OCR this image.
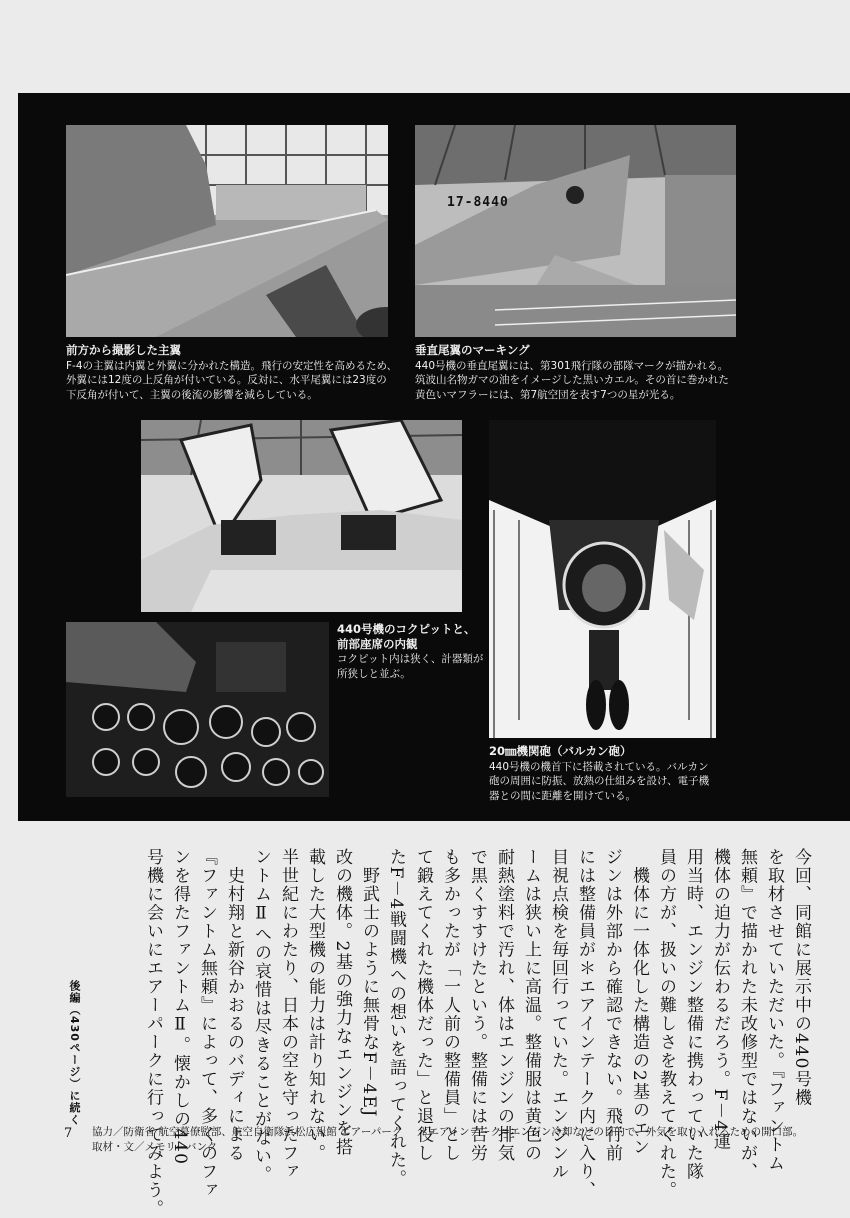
前方から撮影した主翼
F-4の主翼は内翼と外翼に分かれた構造。飛行の安定性を高めるため、
外翼には12度の上反角が付いている。反対に、水平尾翼には23度の
下反角が付いて、主翼の後流の影響を減らしている。
17-8440
垂直尾翼のマーキング
440号機の垂直尾翼には、第301飛行隊の部隊マークが描かれる。
筑波山名物ガマの油をイメージした黒いカエル。その首に巻かれた
黄色いマフラーには、第7航空団を表す7つの星が光る。
440号機のコクピットと、
前部座席の内観
コクピット内は狭く、計器類が
所狭しと並ぶ。
20㎜機関砲（バルカン砲）
440号機の機首下に搭載されている。バルカン
砲の周囲に防振、放熱の仕組みを設け、電子機
器との間に距離を開けている。
今回、同館に展示中の440号機
を取材させていただいた。『ファントム
無頼』で描かれた未改修型ではないが、
機体の迫力が伝わるだろう。F－4運
用当時、エンジン整備に携わっていた隊
員の方が、扱いの難しさを教えてくれた。
　機体に一体化した構造の2基のエン
ジンは外部から確認できない。飛行前
には整備員が＊エアインテーク内に入り、
目視点検を毎回行っていた。エンジンル
ームは狭い上に高温。整備服は黄色の
耐熱塗料で汚れ、体はエンジンの排気
で黒くすすけたという。整備には苦労
も多かったが「一人前の整備員」とし
て鍛えてくれた機体だった」と退役し
たF－4戦闘機への想いを語ってくれた。
　野武士のように無骨なF－4EJ
改の機体。2基の強力なエンジンを搭
載した大型機の能力は計り知れない。
半世紀にわたり、日本の空を守ったファ
ントムⅡへの哀惜は尽きることがない。
　史村翔と新谷かおるのバディによる
『ファントム無頼』によって、多くのファ
ンを得たファントムⅡ。懐かしの440
号機に会いにエアーパークに行ってみよう。
後編（430ページ）に続く
7 協力／防衛省 航空幕僚監部、航空自衛隊浜松広報館 エアーパーク
取材・文／メモリーバンク
＊エアインテーク=エンジン冷却などの目的で、外気を取り入れるための開口部。
